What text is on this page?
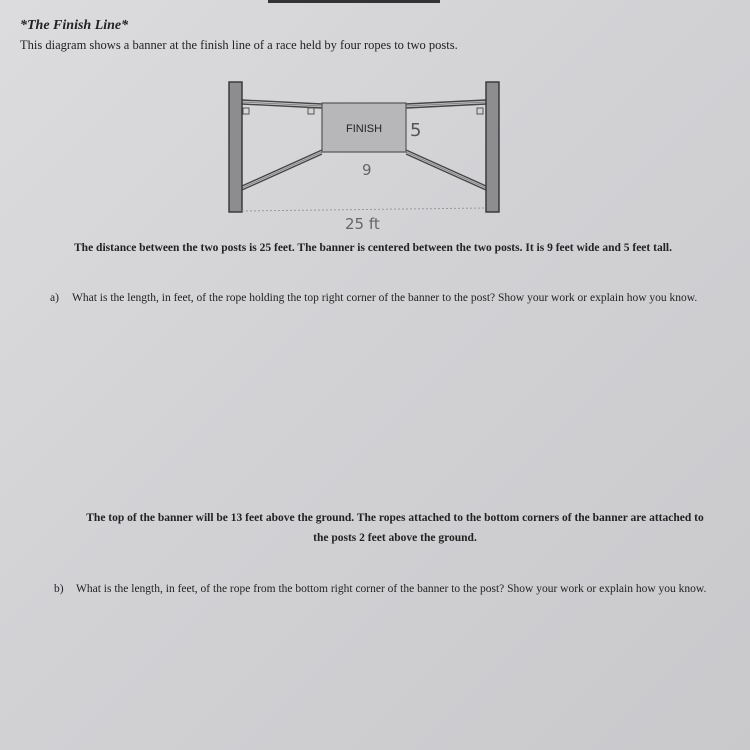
*The Finish Line*
This diagram shows a banner at the finish line of a race held by four ropes to two posts.
FINISH 5
9
25 ft
The distance between the two posts is 25 feet. The banner is centered between the two posts. It is 9 feet wide and 5 feet tall.
a) What is the length, in feet, of the rope holding the top right corner of the banner to the post? Show your work or explain how you know.
The top of the banner will be 13 feet above the ground. The ropes attached to the bottom corners of the banner are attached to the posts 2 feet above the ground.
b) What is the length, in feet, of the rope from the bottom right corner of the banner to the post? Show your work or explain how you know.
